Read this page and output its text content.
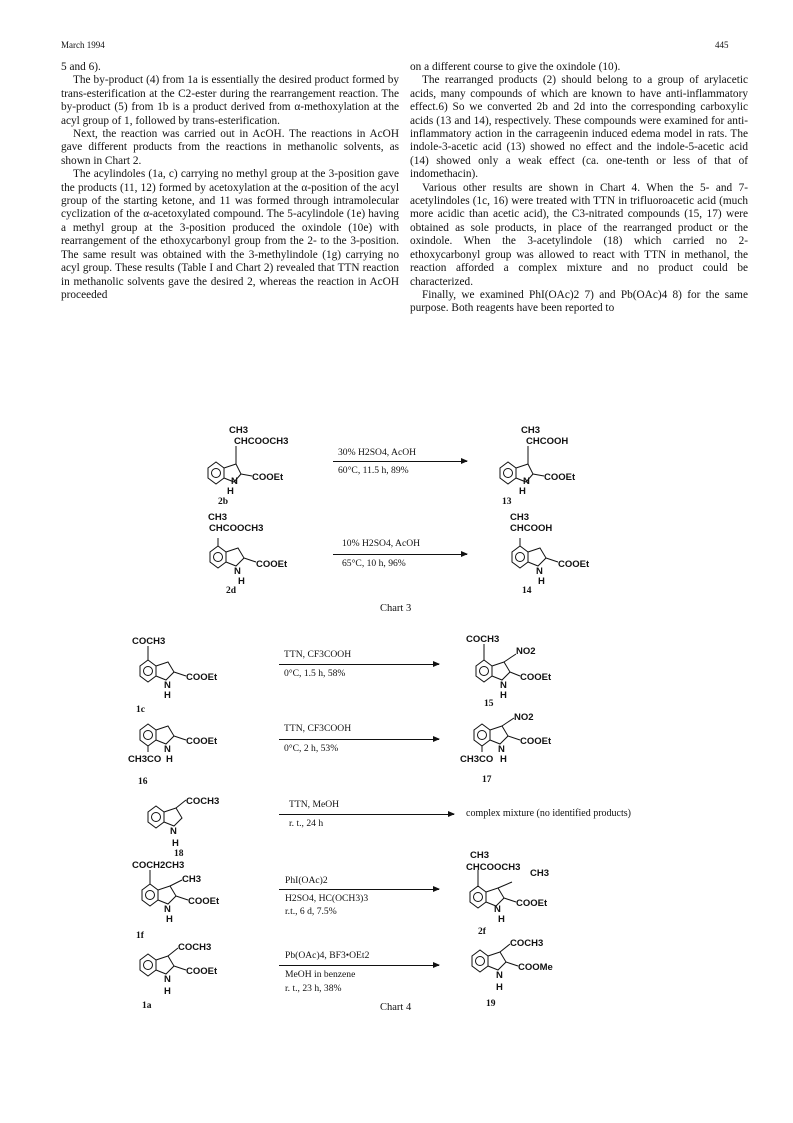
March 1994	445

5 and 6).

The by-product (4) from 1a is essentially the desired product formed by trans-esterification at the C2-ester during the rearrangement reaction. The by-product (5) from 1b is a product derived from α-methoxylation at the acyl group of 1, followed by trans-esterification.

Next, the reaction was carried out in AcOH. The reactions in AcOH gave different products from the reactions in methanolic solvents, as shown in Chart 2.

The acylindoles (1a, c) carrying no methyl group at the 3-position gave the products (11, 12) formed by acetoxylation at the α-position of the acyl group of the starting ketone, and 11 was formed through intramolecular cyclization of the α-acetoxylated compound. The 5-acylindole (1e) having a methyl group at the 3-position produced the oxindole (10e) with rearrangement of the ethoxycarbonyl group from the 2- to the 3-position. The same result was obtained with the 3-methylindole (1g) carrying no acyl group. These results (Table I and Chart 2) revealed that TTN reaction in methanolic solvents gave the desired 2, whereas the reaction in AcOH proceeded

on a different course to give the oxindole (10).

The rearranged products (2) should belong to a group of arylacetic acids, many compounds of which are known to have anti-inflammatory effect.6) So we converted 2b and 2d into the corresponding carboxylic acids (13 and 14), respectively. These compounds were examined for anti-inflammatory action in the carrageenin induced edema model in rats. The indole-3-acetic acid (13) showed no effect and the indole-5-acetic acid (14) showed only a weak effect (ca. one-tenth or less of that of indomethacin).

Various other results are shown in Chart 4. When the 5- and 7-acetylindoles (1c, 16) were treated with TTN in trifluoroacetic acid (much more acidic than acetic acid), the C3-nitrated compounds (15, 17) were obtained as sole products, in place of the rearranged product or the oxindole. When the 3-acetylindole (18) which carried no 2-ethoxycarbonyl group was allowed to react with TTN in methanol, the reaction afforded a complex mixture and no product could be characterized.

Finally, we examined PhI(OAc)2 7) and Pb(OAc)4 8) for the same purpose. Both reagents have been reported to

CH3
CHCOOCH3
N COOEt
H
2b
30% H2SO4, AcOH
60°C, 11.5 h, 89%
CH3
CHCOOH
N COOEt
H
13
CH3
CHCOOCH3
N
COOEt
H
2d
10% H2SO4, AcOH
65°C, 10 h, 96%
CH3
CHCOOH
N
COOEt
H
14
Chart 3
COCH3
N
COOEt
H
1c
TTN, CF3COOH
0°C, 1.5 h, 58%
COCH3
NO2
N
COOEt
H
15
N
COOEt
CH3CO H
16
TTN, CF3COOH
0°C, 2 h, 53%
NO2
N
COOEt
CH3CO H
17
COCH3
N
H
18
TTN, MeOH
r. t., 24 h
complex mixture (no identified products)
COCH2CH3
CH3
N
COOEt
H
1f
PhI(OAc)2
H2SO4, HC(OCH3)3
r.t., 6 d, 7.5%
CH3
CHCOOCH3
CH3
N
COOEt
H
2f
COCH3
N
COOEt
H
1a
Pb(OAc)4, BF3•OEt2
MeOH in benzene
r. t., 23 h, 38%
COCH3
N
COOMe
H
19
Chart 4
